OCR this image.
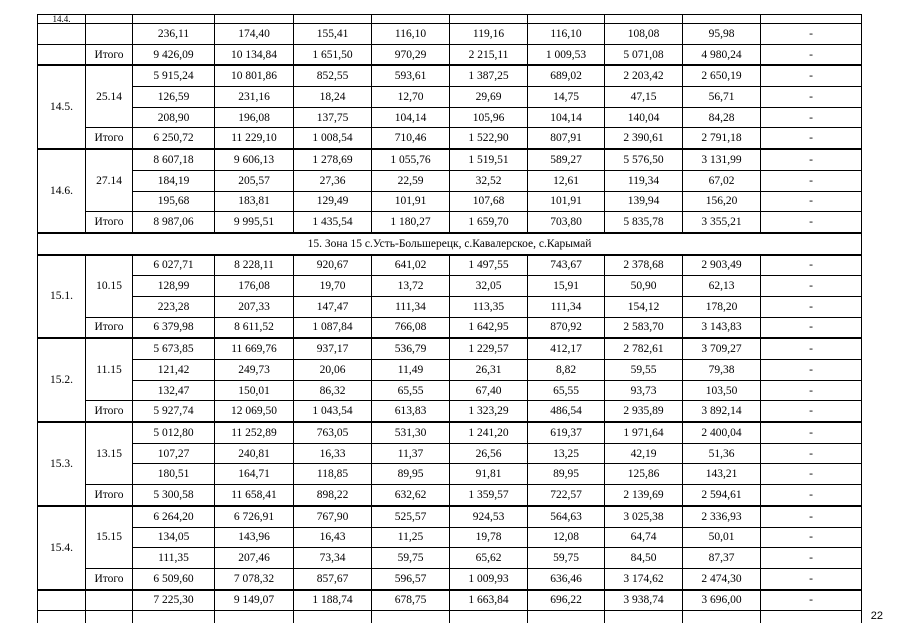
14.4.										
		236,11	174,40	155,41	116,10	119,16	116,10	108,08	95,98	-
	Итого	9 426,09	10 134,84	1 651,50	970,29	2 215,11	1 009,53	5 071,08	4 980,24	-
14.5.	25.14	5 915,24	10 801,86	852,55	593,61	1 387,25	689,02	2 203,42	2 650,19	-
		126,59	231,16	18,24	12,70	29,69	14,75	47,15	56,71	-
		208,90	196,08	137,75	104,14	105,96	104,14	140,04	84,28	-
	Итого	6 250,72	11 229,10	1 008,54	710,46	1 522,90	807,91	2 390,61	2 791,18	-
14.6.	27.14	8 607,18	9 606,13	1 278,69	1 055,76	1 519,51	589,27	5 576,50	3 131,99	-
		184,19	205,57	27,36	22,59	32,52	12,61	119,34	67,02	-
		195,68	183,81	129,49	101,91	107,68	101,91	139,94	156,20	-
	Итого	8 987,06	9 995,51	1 435,54	1 180,27	1 659,70	703,80	5 835,78	3 355,21	-
15. Зона 15 с.Усть-Большерецк, с.Кавалерское, с.Карымай										
15.1.	10.15	6 027,71	8 228,11	920,67	641,02	1 497,55	743,67	2 378,68	2 903,49	-
		128,99	176,08	19,70	13,72	32,05	15,91	50,90	62,13	-
		223,28	207,33	147,47	111,34	113,35	111,34	154,12	178,20	-
	Итого	6 379,98	8 611,52	1 087,84	766,08	1 642,95	870,92	2 583,70	3 143,83	-
15.2.	11.15	5 673,85	11 669,76	937,17	536,79	1 229,57	412,17	2 782,61	3 709,27	-
		121,42	249,73	20,06	11,49	26,31	8,82	59,55	79,38	-
		132,47	150,01	86,32	65,55	67,40	65,55	93,73	103,50	-
	Итого	5 927,74	12 069,50	1 043,54	613,83	1 323,29	486,54	2 935,89	3 892,14	-
15.3.	13.15	5 012,80	11 252,89	763,05	531,30	1 241,20	619,37	1 971,64	2 400,04	-
		107,27	240,81	16,33	11,37	26,56	13,25	42,19	51,36	-
		180,51	164,71	118,85	89,95	91,81	89,95	125,86	143,21	-
	Итого	5 300,58	11 658,41	898,22	632,62	1 359,57	722,57	2 139,69	2 594,61	-
15.4.	15.15	6 264,20	6 726,91	767,90	525,57	924,53	564,63	3 025,38	2 336,93	-
		134,05	143,96	16,43	11,25	19,78	12,08	64,74	50,01	-
		111,35	207,46	73,34	59,75	65,62	59,75	84,50	87,37	-
	Итого	6 509,60	7 078,32	857,67	596,57	1 009,93	636,46	3 174,62	2 474,30	-
		7 225,30	9 149,07	1 188,74	678,75	1 663,84	696,22	3 938,74	3 696,00	-

22
